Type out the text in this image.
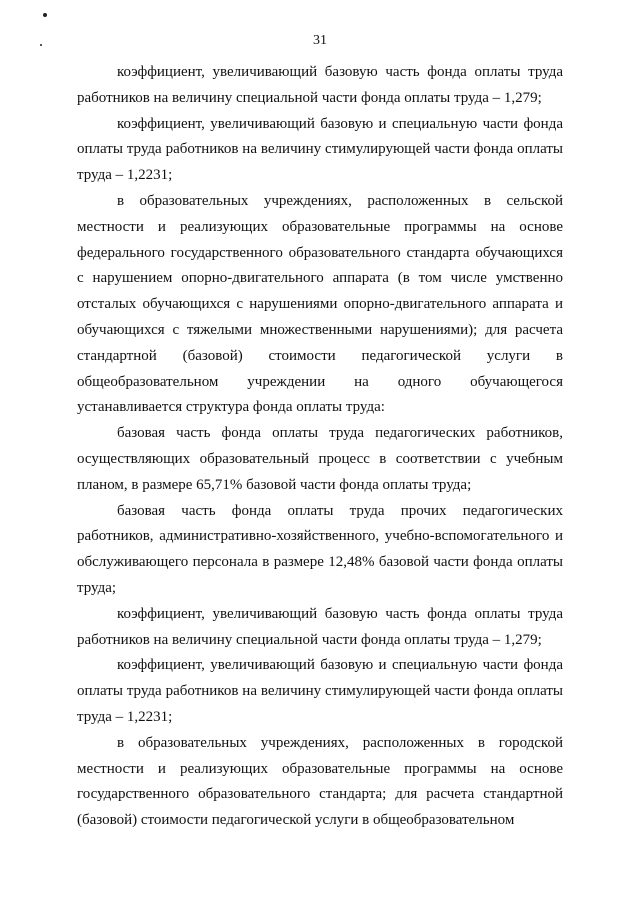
31

коэффициент, увеличивающий базовую часть фонда оплаты труда работников на величину специальной части фонда оплаты труда – 1,279;

коэффициент, увеличивающий базовую и специальную части фонда оплаты труда работников на величину стимулирующей части фонда оплаты труда – 1,2231;

в образовательных учреждениях, расположенных в сельской местности и реализующих образовательные программы на основе федерального государственного образовательного стандарта обучающихся с нарушением опорно-двигательного аппарата (в том числе умственно отсталых обучающихся с нарушениями опорно-двигательного аппарата и обучающихся с тяжелыми множественными нарушениями); для расчета стандартной (базовой) стоимости педагогической услуги в общеобразовательном учреждении на одного обучающегося устанавливается структура фонда оплаты труда:

базовая часть фонда оплаты труда педагогических работников, осуществляющих образовательный процесс в соответствии с учебным планом, в размере 65,71% базовой части фонда оплаты труда;

базовая часть фонда оплаты труда прочих педагогических работников, административно-хозяйственного, учебно-вспомогательного и обслуживающего персонала в размере 12,48% базовой части фонда оплаты труда;

коэффициент, увеличивающий базовую часть фонда оплаты труда работников на величину специальной части фонда оплаты труда – 1,279;

коэффициент, увеличивающий базовую и специальную части фонда оплаты труда работников на величину стимулирующей части фонда оплаты труда – 1,2231;

в образовательных учреждениях, расположенных в городской местности и реализующих образовательные программы на основе государственного образовательного стандарта; для расчета стандартной (базовой) стоимости педагогической услуги в общеобразовательном
